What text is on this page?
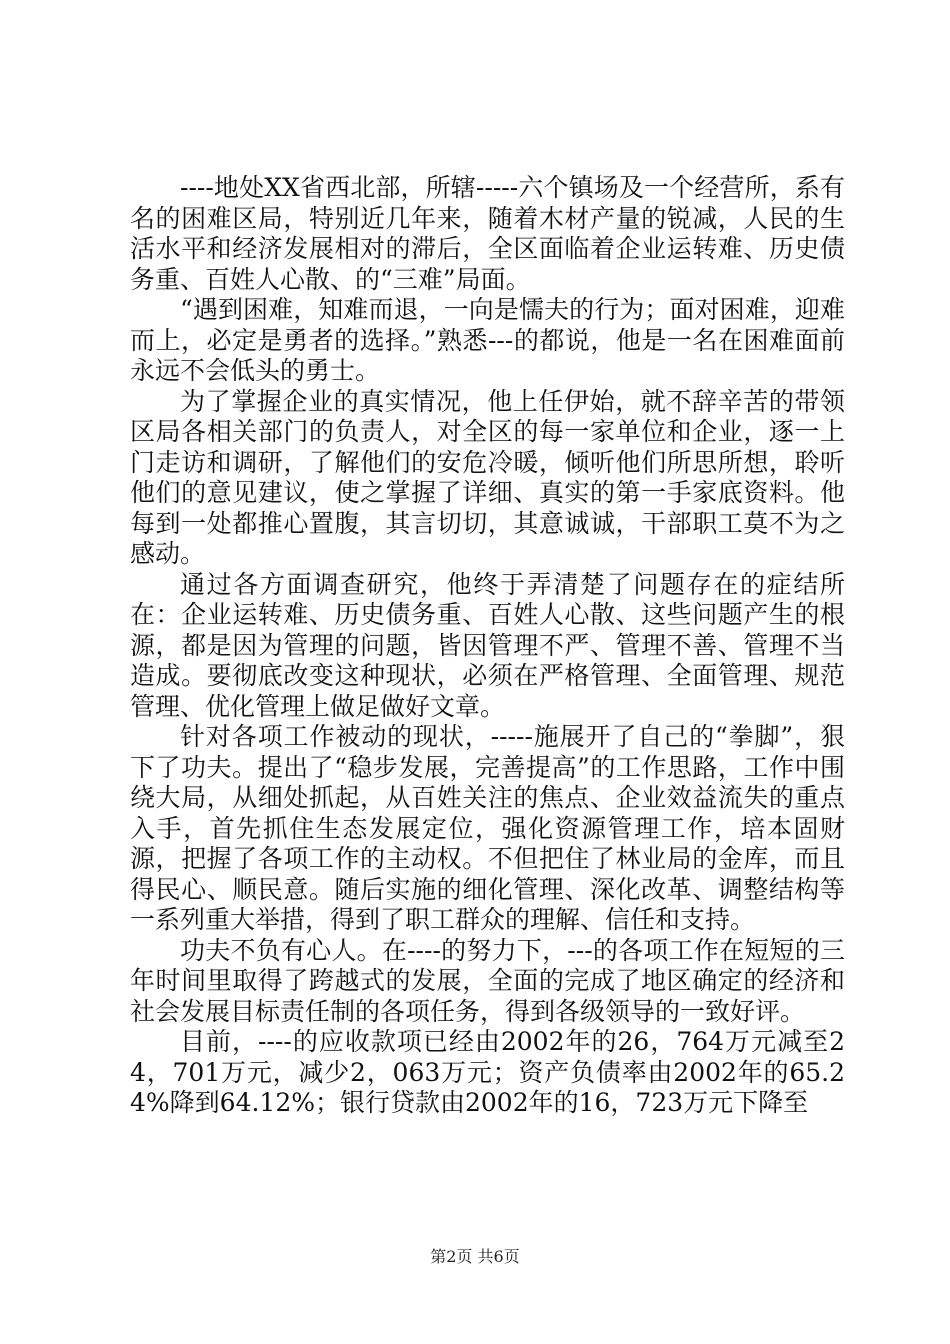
----地处XX省西北部，所辖-----六个镇场及一个经营所，系有名的困难区局，特别近几年来，随着木材产量的锐减，人民的生活水平和经济发展相对的滞后，全区面临着企业运转难、历史债务重、百姓人心散、的“三难”局面。

“遇到困难，知难而退，一向是懦夫的行为；面对困难，迎难而上，必定是勇者的选择。”熟悉---的都说，他是一名在困难面前永远不会低头的勇士。

为了掌握企业的真实情况，他上任伊始，就不辞辛苦的带领区局各相关部门的负责人，对全区的每一家单位和企业，逐一上门走访和调研，了解他们的安危冷暖，倾听他们所思所想，聆听他们的意见建议，使之掌握了详细、真实的第一手家底资料。他每到一处都推心置腹，其言切切，其意诚诚，干部职工莫不为之感动。

通过各方面调查研究，他终于弄清楚了问题存在的症结所在：企业运转难、历史债务重、百姓人心散、这些问题产生的根源，都是因为管理的问题，皆因管理不严、管理不善、管理不当造成。要彻底改变这种现状，必须在严格管理、全面管理、规范管理、优化管理上做足做好文章。

针对各项工作被动的现状，-----施展开了自己的“拳脚”，狠下了功夫。提出了“稳步发展，完善提高”的工作思路，工作中围绕大局，从细处抓起，从百姓关注的焦点、企业效益流失的重点入手，首先抓住生态发展定位，强化资源管理工作，培本固财源，把握了各项工作的主动权。不但把住了林业局的金库，而且得民心、顺民意。随后实施的细化管理、深化改革、调整结构等一系列重大举措，得到了职工群众的理解、信任和支持。

功夫不负有心人。在----的努力下，---的各项工作在短短的三年时间里取得了跨越式的发展，全面的完成了地区确定的经济和社会发展目标责任制的各项任务，得到各级领导的一致好评。

目前，----的应收款项已经由2002年的26，764万元减至24，701万元，减少2，063万元；资产负债率由2002年的65.24%降到64.12%；银行贷款由2002年的16，723万元下降至

第2页 共6页
